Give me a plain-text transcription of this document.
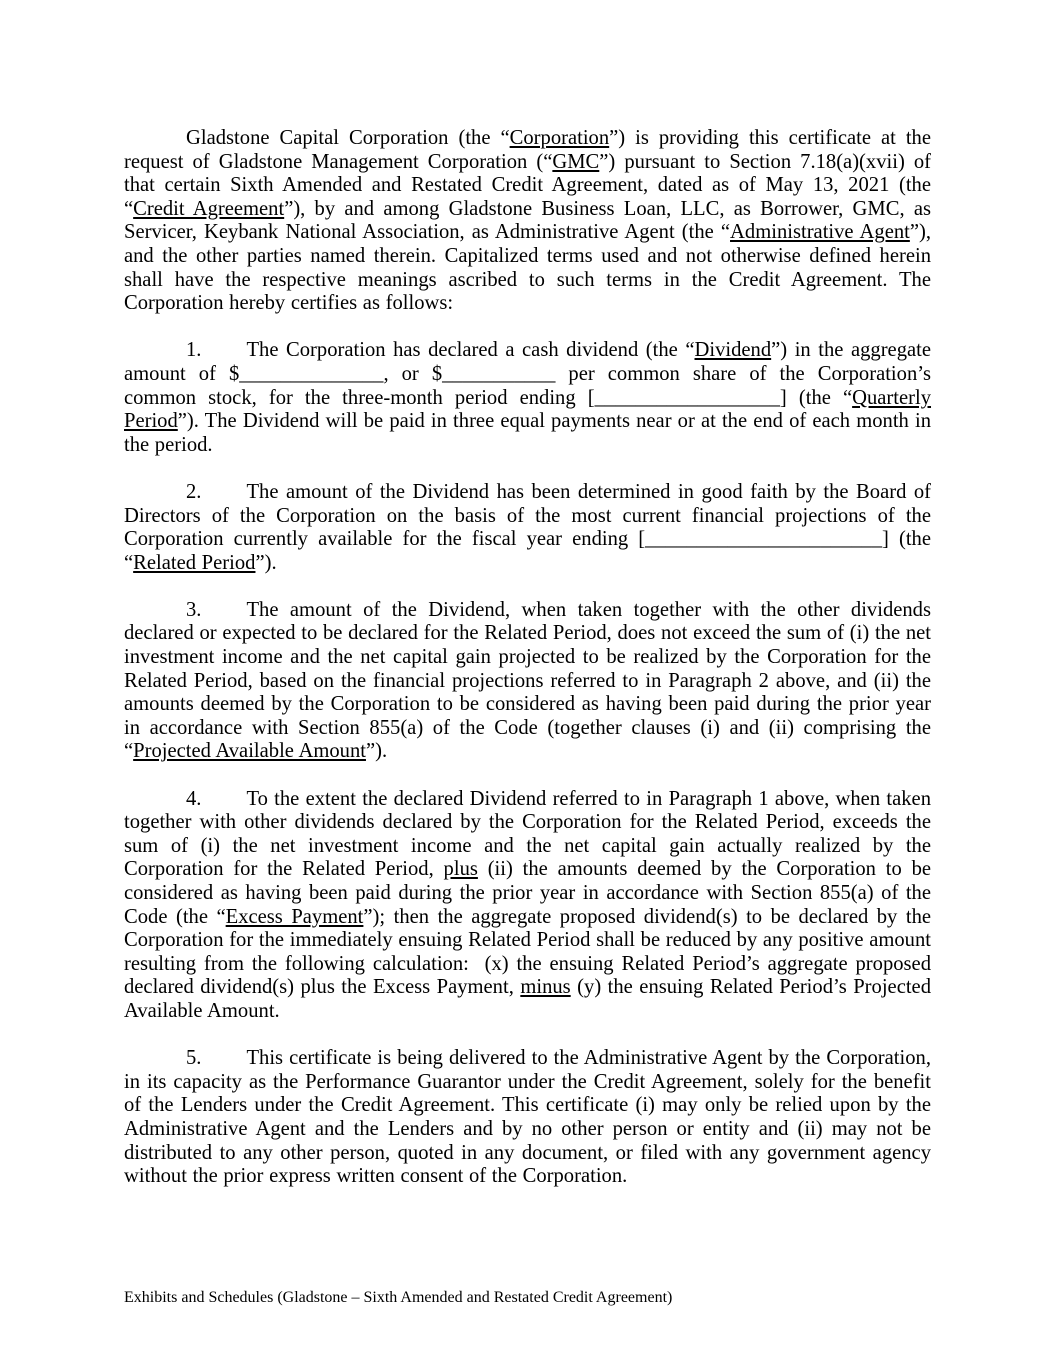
Gladstone Capital Corporation (the “Corporation”) is providing this certificate at the request of Gladstone Management Corporation (“GMC”) pursuant to Section 7.18(a)(xvii) of that certain Sixth Amended and Restated Credit Agreement, dated as of May 13, 2021 (the “Credit Agreement”), by and among Gladstone Business Loan, LLC, as Borrower, GMC, as Servicer, Keybank National Association, as Administrative Agent (the “Administrative Agent”), and the other parties named therein. Capitalized terms used and not otherwise defined herein shall have the respective meanings ascribed to such terms in the Credit Agreement. The Corporation hereby certifies as follows:

1. The Corporation has declared a cash dividend (the “Dividend”) in the aggregate amount of $______________, or $___________ per common share of the Corporation’s common stock, for the three-month period ending [__________________] (the “Quarterly Period”). The Dividend will be paid in three equal payments near or at the end of each month in the period.

2. The amount of the Dividend has been determined in good faith by the Board of Directors of the Corporation on the basis of the most current financial projections of the Corporation currently available for the fiscal year ending [_______________________] (the “Related Period”).

3. The amount of the Dividend, when taken together with the other dividends declared or expected to be declared for the Related Period, does not exceed the sum of (i) the net investment income and the net capital gain projected to be realized by the Corporation for the Related Period, based on the financial projections referred to in Paragraph 2 above, and (ii) the amounts deemed by the Corporation to be considered as having been paid during the prior year in accordance with Section 855(a) of the Code (together clauses (i) and (ii) comprising the “Projected Available Amount”).

4. To the extent the declared Dividend referred to in Paragraph 1 above, when taken together with other dividends declared by the Corporation for the Related Period, exceeds the sum of (i) the net investment income and the net capital gain actually realized by the Corporation for the Related Period, plus (ii) the amounts deemed by the Corporation to be considered as having been paid during the prior year in accordance with Section 855(a) of the Code (the “Excess Payment”); then the aggregate proposed dividend(s) to be declared by the Corporation for the immediately ensuing Related Period shall be reduced by any positive amount resulting from the following calculation:  (x) the ensuing Related Period’s aggregate proposed declared dividend(s) plus the Excess Payment, minus (y) the ensuing Related Period’s Projected Available Amount.

5. This certificate is being delivered to the Administrative Agent by the Corporation, in its capacity as the Performance Guarantor under the Credit Agreement, solely for the benefit of the Lenders under the Credit Agreement. This certificate (i) may only be relied upon by the Administrative Agent and the Lenders and by no other person or entity and (ii) may not be distributed to any other person, quoted in any document, or filed with any government agency without the prior express written consent of the Corporation.

Exhibits and Schedules (Gladstone – Sixth Amended and Restated Credit Agreement)
